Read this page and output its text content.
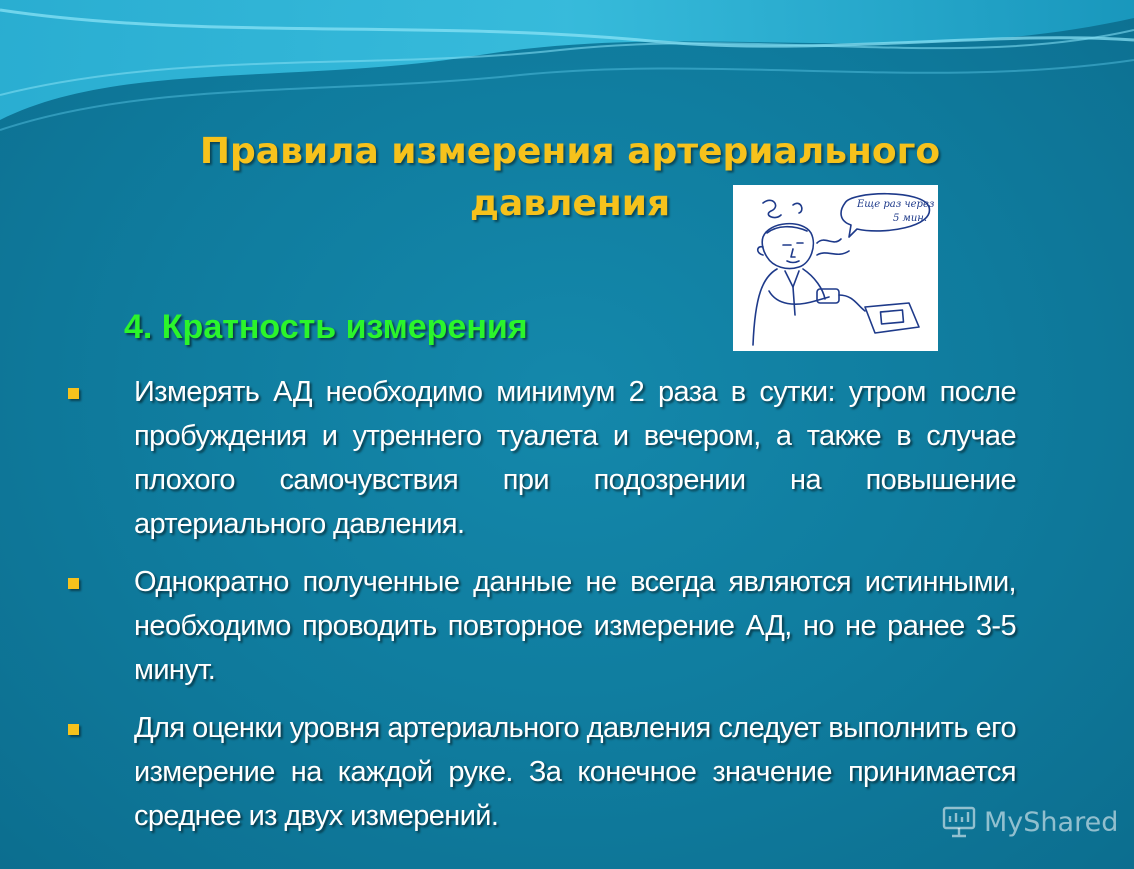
Правила измерения артериального давления	Еще раз через
5 мин.
4. Кратность измерения
Измерять АД необходимо минимум 2 раза в сутки: утром после пробуждения и утреннего туалета и вечером, а также в случае плохого самочувствия при подозрении на повышение артериального давления.
Однократно полученные данные не всегда являются истинными, необходимо проводить повторное измерение АД, но не ранее 3-5 минут.
Для оценки уровня артериального давления следует выполнить его измерение на каждой руке. За конечное значение принимается среднее из двух измерений.	MyShared
